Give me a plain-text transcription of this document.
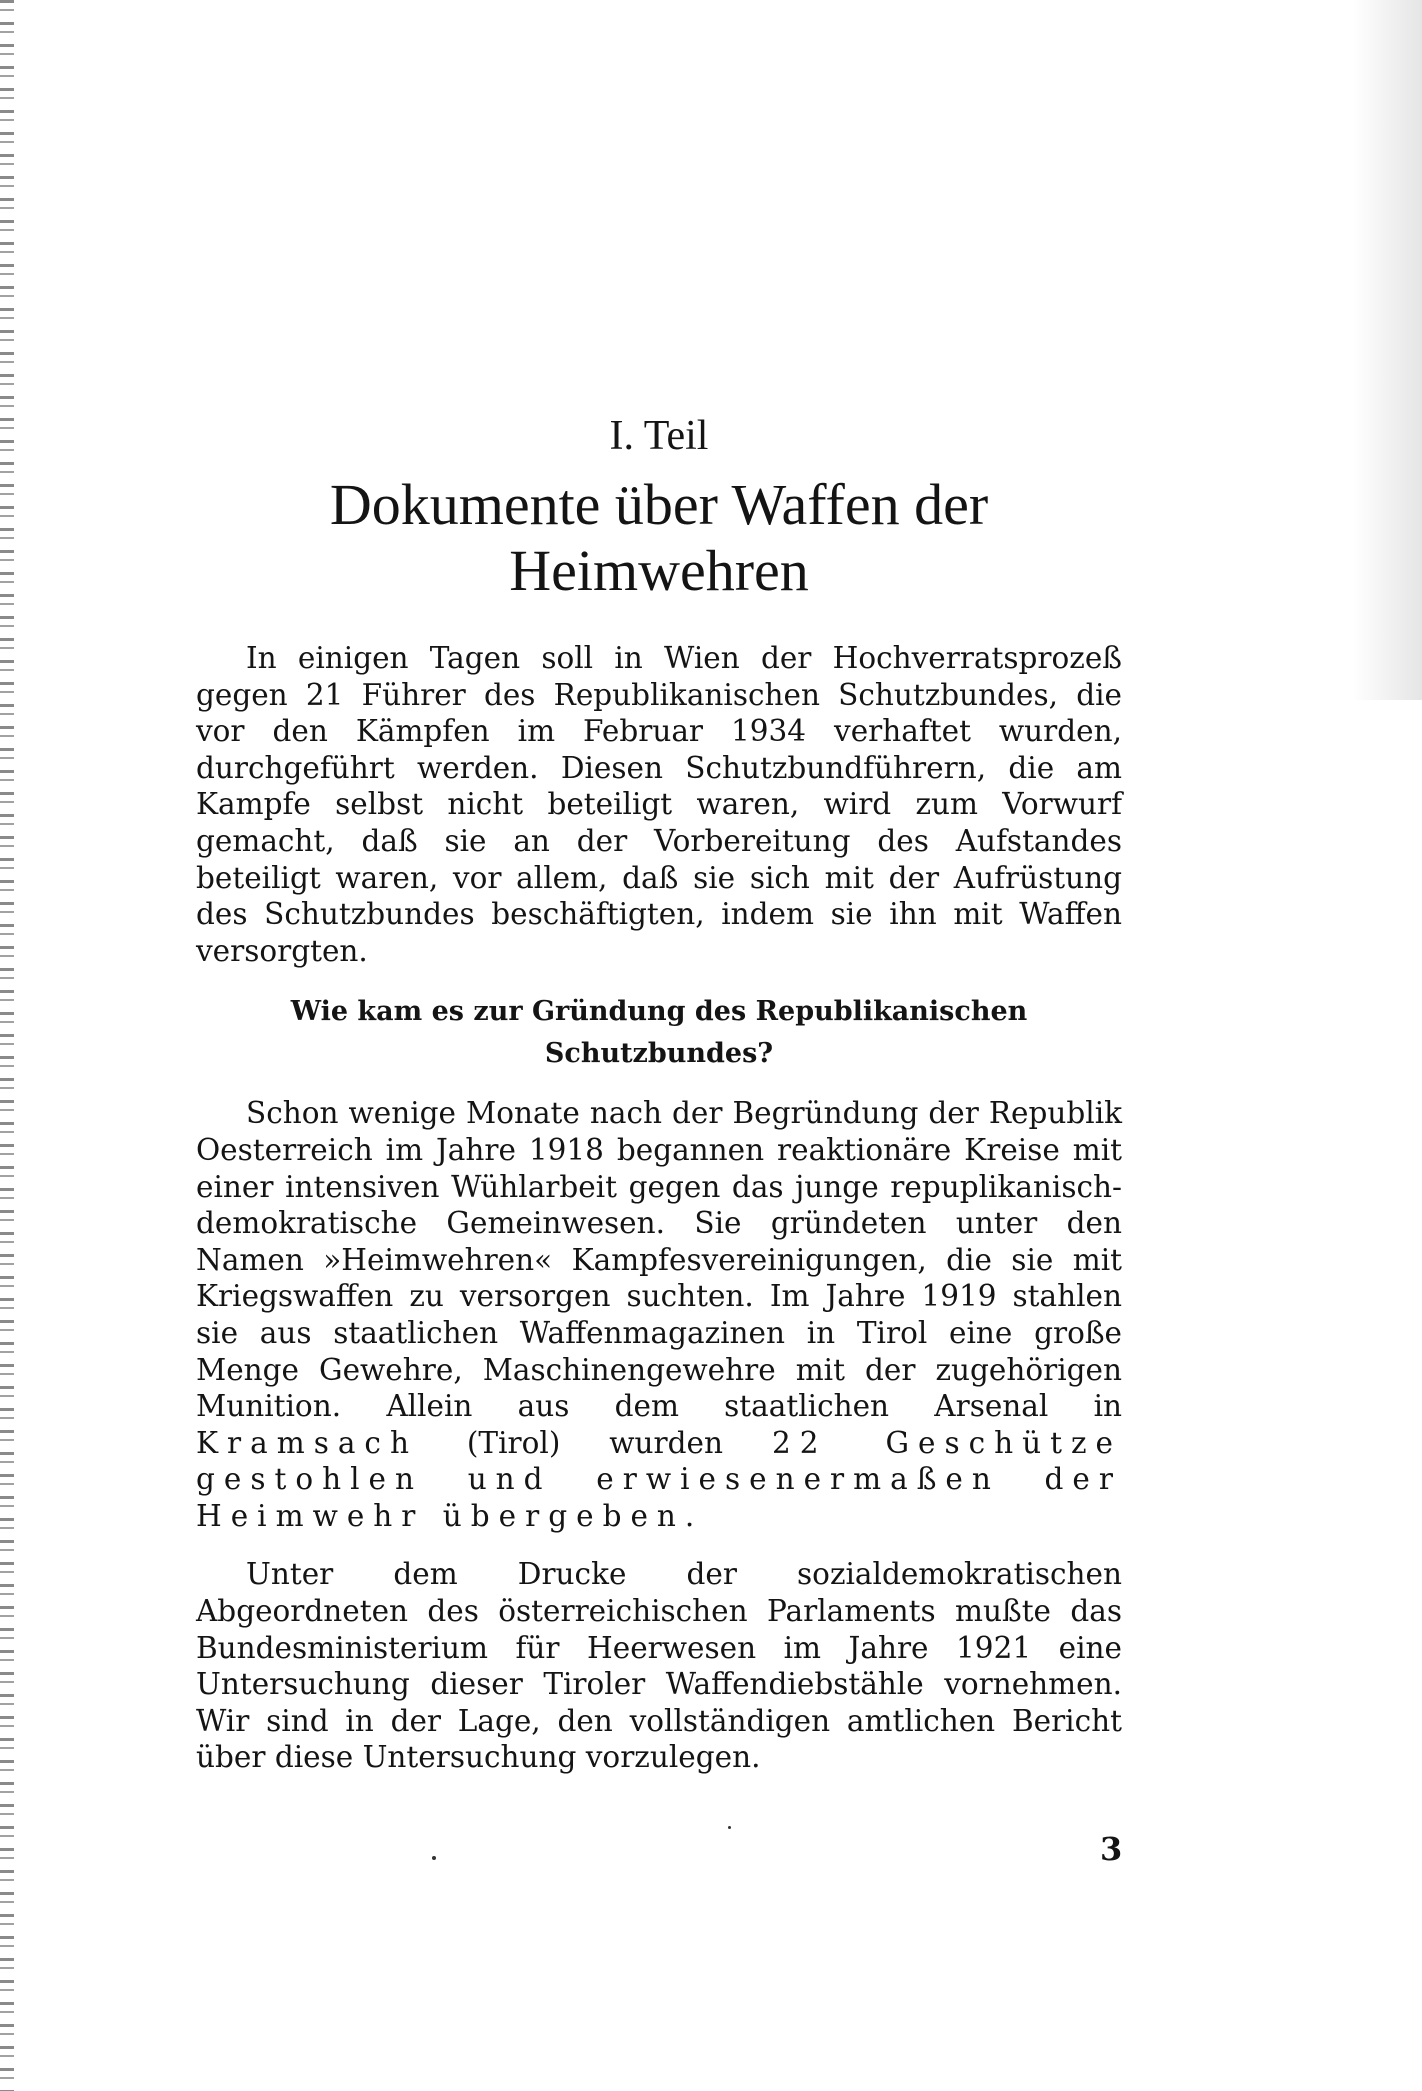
I. Teil
Dokumente über Waffen der Heimwehren

In einigen Tagen soll in Wien der Hochverratsprozeß gegen 21 Führer des Republikanischen Schutzbundes, die vor den Kämpfen im Februar 1934 verhaftet wurden, durchgeführt werden. Diesen Schutzbundführern, die am Kampfe selbst nicht beteiligt waren, wird zum Vorwurf gemacht, daß sie an der Vorbereitung des Aufstandes beteiligt waren, vor allem, daß sie sich mit der Aufrüstung des Schutzbundes beschäftigten, indem sie ihn mit Waffen versorgten.

Wie kam es zur Gründung des Republikanischen Schutzbundes?

Schon wenige Monate nach der Begründung der Republik Oesterreich im Jahre 1918 begannen reaktionäre Kreise mit einer intensiven Wühlarbeit gegen das junge repuplikanisch-demokratische Gemeinwesen. Sie gründeten unter den Namen »Heimwehren« Kampfesvereinigungen, die sie mit Kriegswaffen zu versorgen suchten. Im Jahre 1919 stahlen sie aus staatlichen Waffenmagazinen in Tirol eine große Menge Gewehre, Maschinengewehre mit der zugehörigen Munition. Allein aus dem staatlichen Arsenal in Kramsach (Tirol) wurden 22 Geschütze gestohlen und erwiesenermaßen der Heimwehr übergeben.

Unter dem Drucke der sozialdemokratischen Abgeordneten des österreichischen Parlaments mußte das Bundesministerium für Heerwesen im Jahre 1921 eine Untersuchung dieser Tiroler Waffendiebstähle vornehmen. Wir sind in der Lage, den vollständigen amtlichen Bericht über diese Untersuchung vorzulegen.

3
